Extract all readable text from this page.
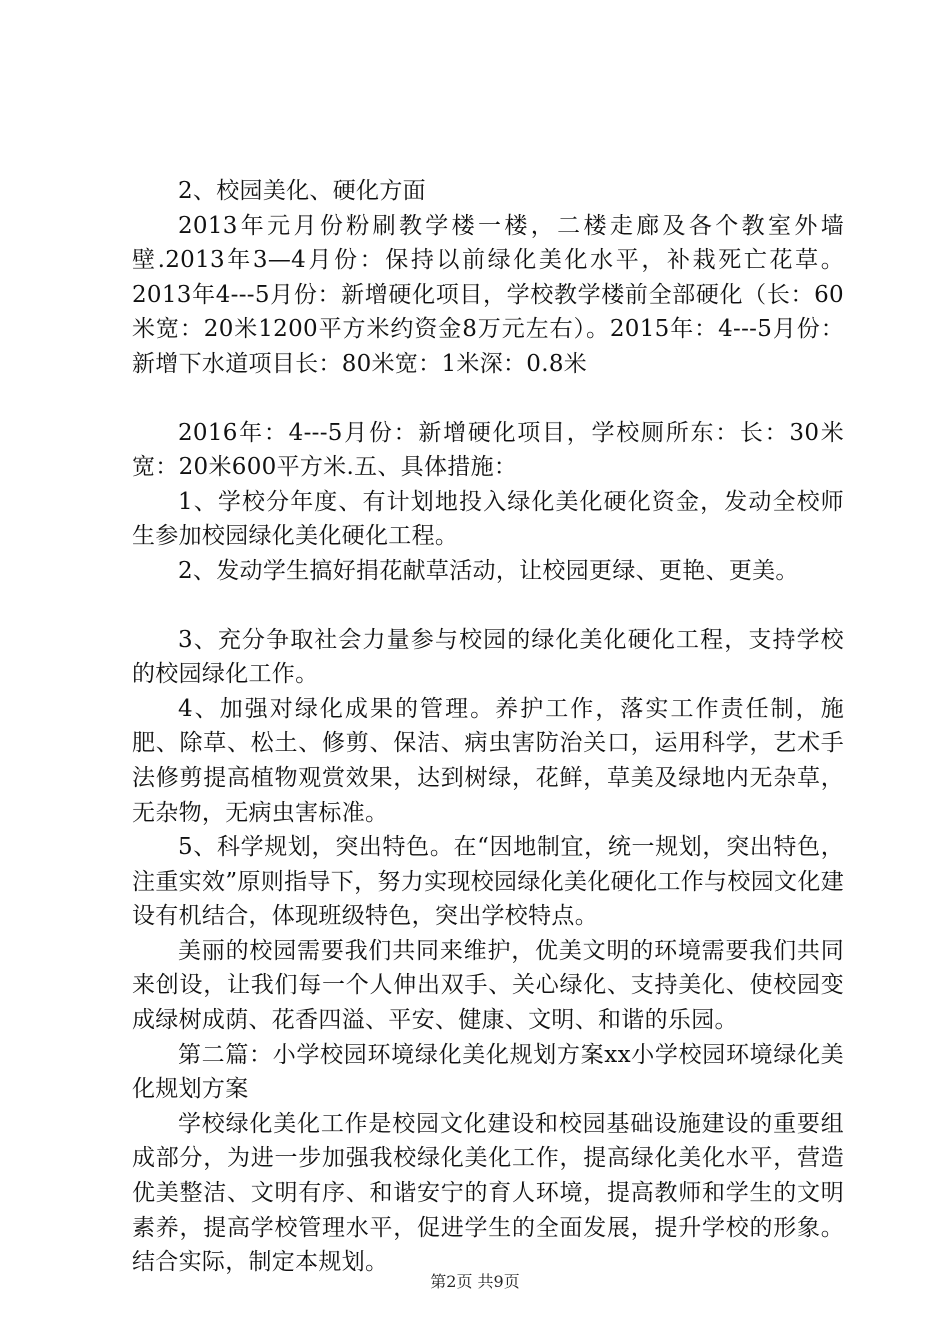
2、校园美化、硬化方面

2013年元月份粉刷教学楼一楼，二楼走廊及各个教室外墙壁.2013年3—4月份：保持以前绿化美化水平，补栽死亡花草。2013年4---5月份：新增硬化项目，学校教学楼前全部硬化（长：60米宽：20米1200平方米约资金8万元左右）。2015年：4---5月份：新增下水道项目长：80米宽：1米深：0.8米

2016年：4---5月份：新增硬化项目，学校厕所东：长：30米宽：20米600平方米.五、具体措施：

1、学校分年度、有计划地投入绿化美化硬化资金，发动全校师生参加校园绿化美化硬化工程。

2、发动学生搞好捐花献草活动，让校园更绿、更艳、更美。

3、充分争取社会力量参与校园的绿化美化硬化工程，支持学校的校园绿化工作。

4、加强对绿化成果的管理。养护工作，落实工作责任制，施肥、除草、松土、修剪、保洁、病虫害防治关口，运用科学，艺术手法修剪提高植物观赏效果，达到树绿，花鲜，草美及绿地内无杂草，无杂物，无病虫害标准。

5、科学规划，突出特色。在“因地制宜，统一规划，突出特色，注重实效”原则指导下，努力实现校园绿化美化硬化工作与校园文化建设有机结合，体现班级特色，突出学校特点。

美丽的校园需要我们共同来维护，优美文明的环境需要我们共同来创设，让我们每一个人伸出双手、关心绿化、支持美化、使校园变成绿树成荫、花香四溢、平安、健康、文明、和谐的乐园。

第二篇：小学校园环境绿化美化规划方案xx小学校园环境绿化美化规划方案

学校绿化美化工作是校园文化建设和校园基础设施建设的重要组成部分，为进一步加强我校绿化美化工作，提高绿化美化水平，营造优美整洁、文明有序、和谐安宁的育人环境，提高教师和学生的文明素养，提高学校管理水平，促进学生的全面发展，提升学校的形象。结合实际，制定本规划。

第2页 共9页
